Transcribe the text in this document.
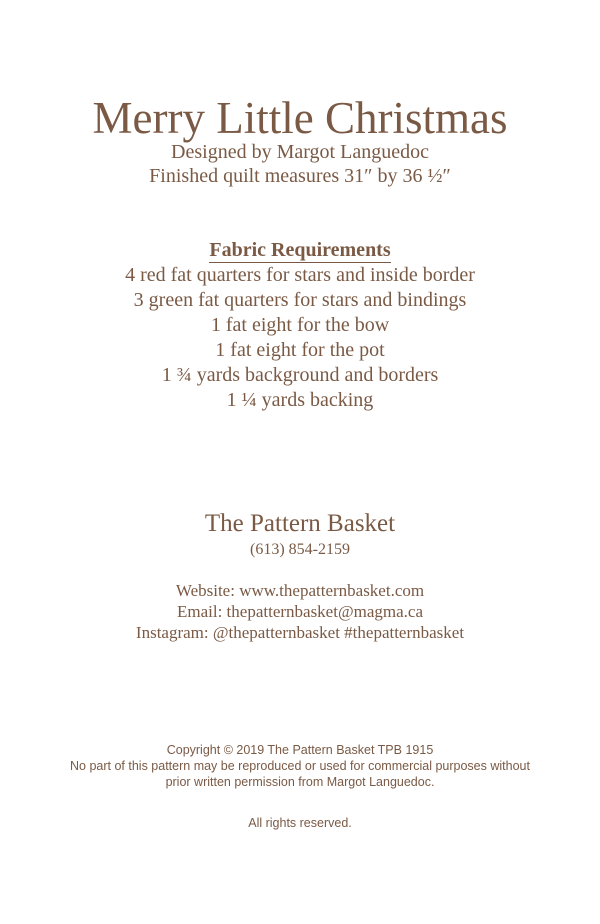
Merry Little Christmas
Designed by Margot Languedoc
Finished quilt measures 31″ by 36 ½″
Fabric Requirements
4 red fat quarters for stars and inside border
3 green fat quarters for stars and bindings
1 fat eight for the bow
1 fat eight for the pot
1 ¾ yards background and borders
1 ¼ yards backing
The Pattern Basket
(613) 854-2159
Website: www.thepatternbasket.com
Email: thepatternbasket@magma.ca
Instagram: @thepatternbasket #thepatternbasket
Copyright © 2019 The Pattern Basket TPB 1915
No part of this pattern may be reproduced or used for commercial purposes without
prior written permission from Margot Languedoc.
All rights reserved.
